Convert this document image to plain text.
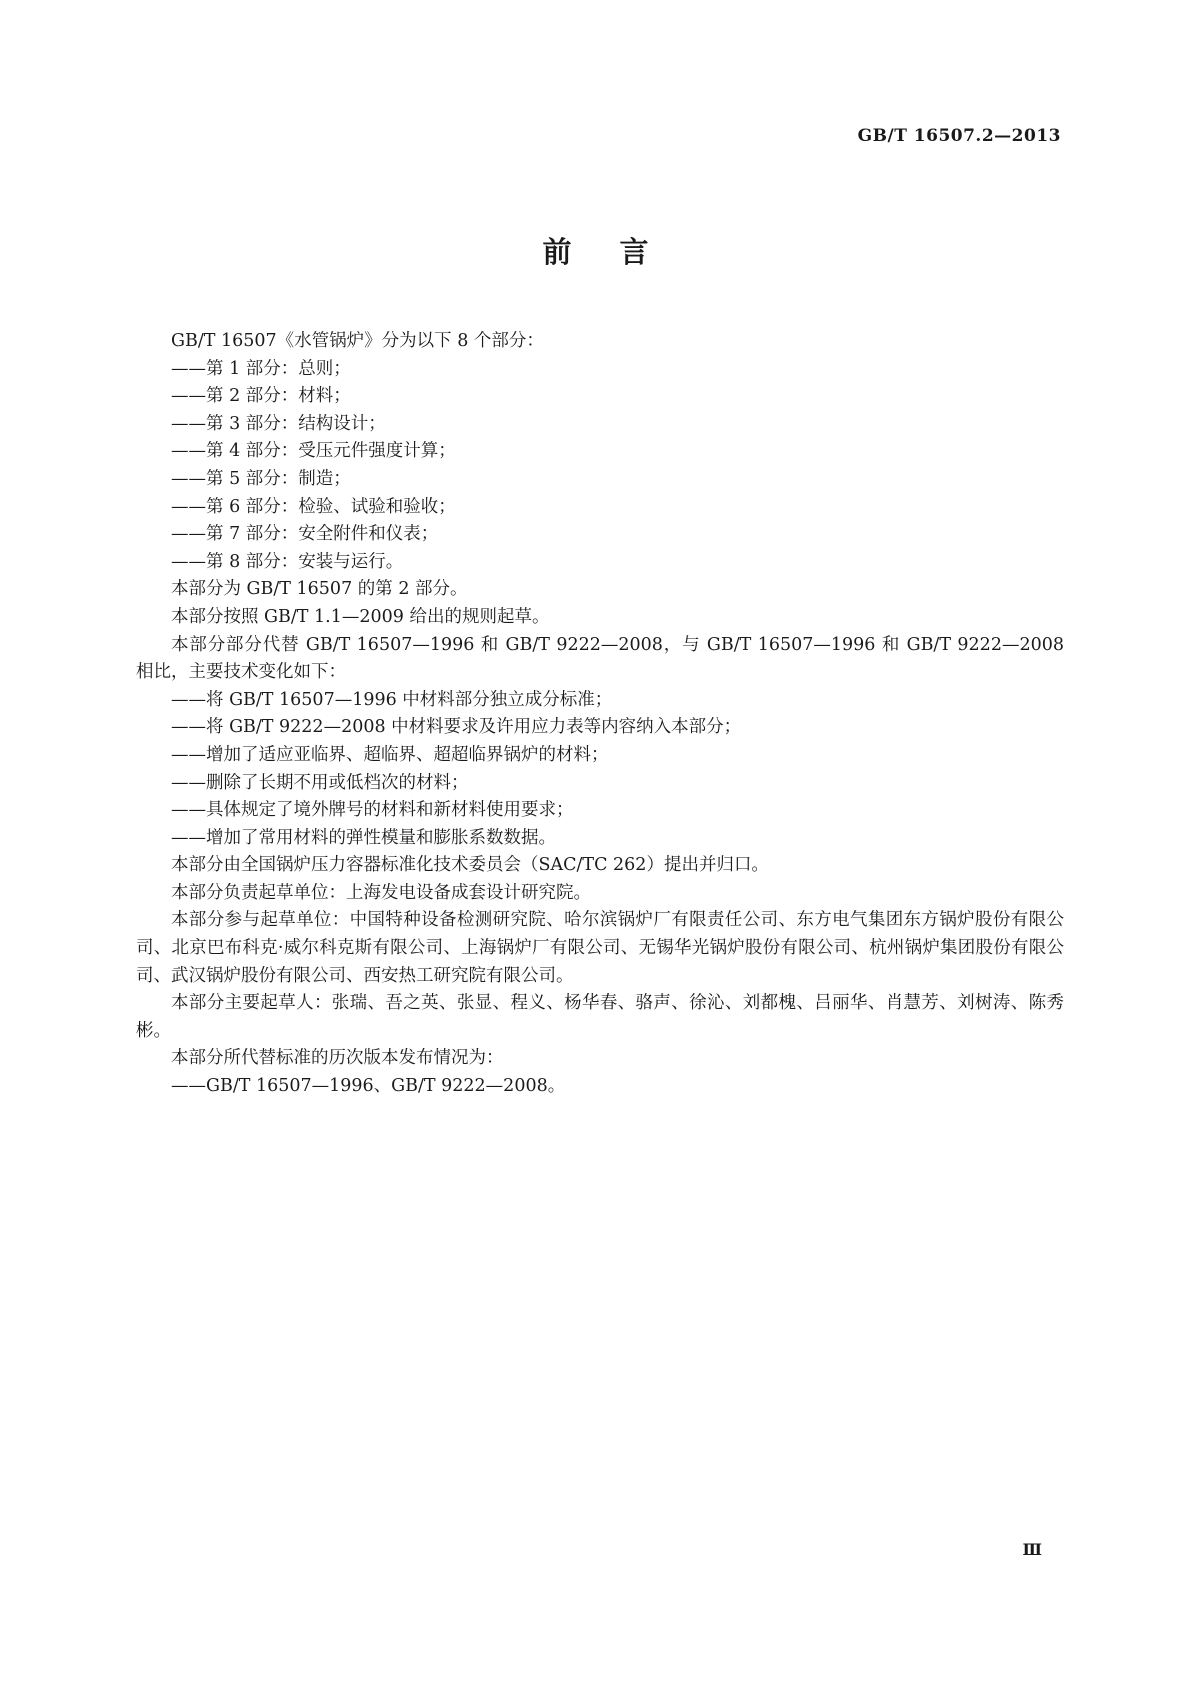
GB/T 16507.2—2013
前言

GB/T 16507《水管锅炉》分为以下 8 个部分：

——第 1 部分：总则；

——第 2 部分：材料；

——第 3 部分：结构设计；

——第 4 部分：受压元件强度计算；

——第 5 部分：制造；

——第 6 部分：检验、试验和验收；

——第 7 部分：安全附件和仪表；

——第 8 部分：安装与运行。

本部分为 GB/T 16507 的第 2 部分。

本部分按照 GB/T 1.1—2009 给出的规则起草。

本部分部分代替 GB/T 16507—1996 和 GB/T 9222—2008，与 GB/T 16507—1996 和 GB/T 9222—2008 相比，主要技术变化如下：

——将 GB/T 16507—1996 中材料部分独立成分标准；

——将 GB/T 9222—2008 中材料要求及许用应力表等内容纳入本部分；

——增加了适应亚临界、超临界、超超临界锅炉的材料；

——删除了长期不用或低档次的材料；

——具体规定了境外牌号的材料和新材料使用要求；

——增加了常用材料的弹性模量和膨胀系数数据。

本部分由全国锅炉压力容器标准化技术委员会（SAC/TC 262）提出并归口。

本部分负责起草单位：上海发电设备成套设计研究院。

本部分参与起草单位：中国特种设备检测研究院、哈尔滨锅炉厂有限责任公司、东方电气集团东方锅炉股份有限公司、北京巴布科克·威尔科克斯有限公司、上海锅炉厂有限公司、无锡华光锅炉股份有限公司、杭州锅炉集团股份有限公司、武汉锅炉股份有限公司、西安热工研究院有限公司。

本部分主要起草人：张瑞、吾之英、张显、程义、杨华春、骆声、徐沁、刘都槐、吕丽华、肖慧芳、刘树涛、陈秀彬。

本部分所代替标准的历次版本发布情况为：

——GB/T 16507—1996、GB/T 9222—2008。

Ⅲ
